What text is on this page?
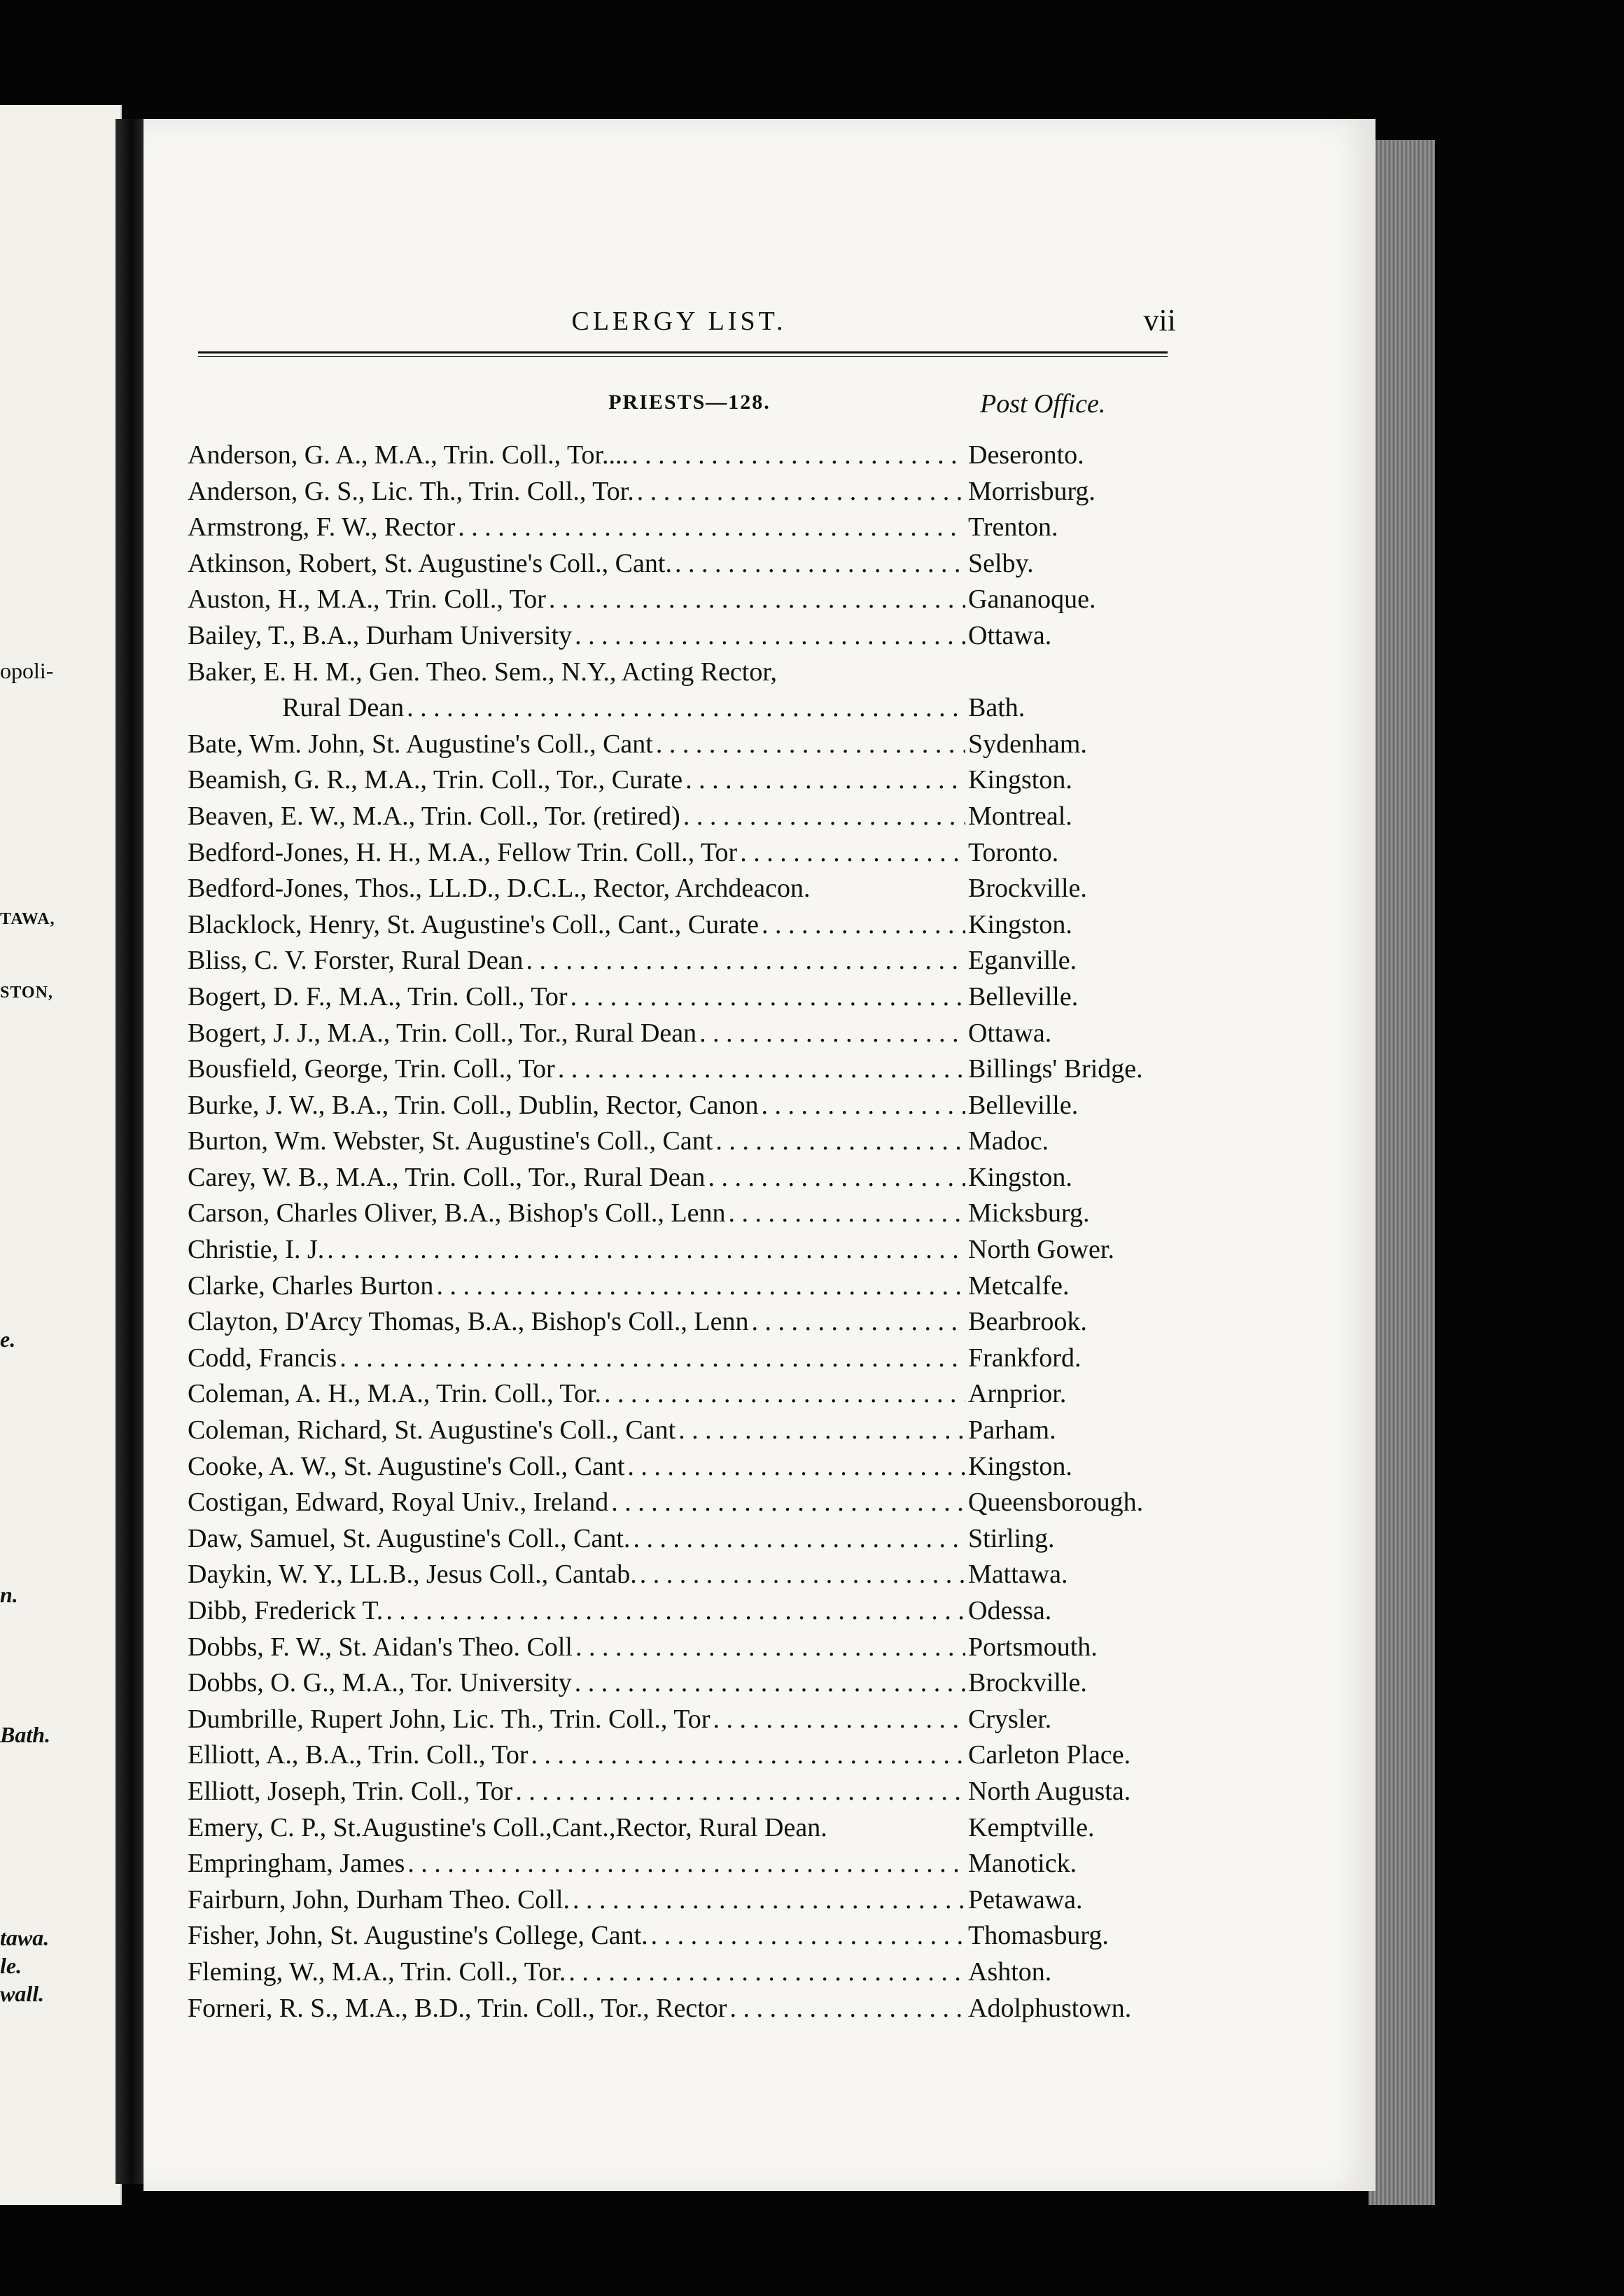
opoli-
TAWA,
STON,
e.
n.
Bath.
tawa.
le.
wall.
CLERGY LIST.	vii
PRIESTS—128.	Post Office.
Anderson, G. A., M.A., Trin. Coll., Tor.... . . .	Deseronto.
Anderson, G. S., Lic. Th., Trin. Coll., Tor. . . .	Morrisburg.
Armstrong, F. W., Rector . . .	Trenton.
Atkinson, Robert, St. Augustine's Coll., Cant. . . .	Selby.
Auston, H., M.A., Trin. Coll., Tor . . .	Gananoque.
Bailey, T., B.A., Durham University . . .	Ottawa.
Baker, E. H. M., Gen. Theo. Sem., N.Y., Acting Rector,
Rural Dean . . .	Bath.
Bate, Wm. John, St. Augustine's Coll., Cant . . .	Sydenham.
Beamish, G. R., M.A., Trin. Coll., Tor., Curate . . .	Kingston.
Beaven, E. W., M.A., Trin. Coll., Tor. (retired) . . .	Montreal.
Bedford-Jones, H. H., M.A., Fellow Trin. Coll., Tor . . .	Toronto.
Bedford-Jones, Thos., LL.D., D.C.L., Rector, Archdeacon.	Brockville.
Blacklock, Henry, St. Augustine's Coll., Cant., Curate . . .	Kingston.
Bliss, C. V. Forster, Rural Dean . . .	Eganville.
Bogert, D. F., M.A., Trin. Coll., Tor . . .	Belleville.
Bogert, J. J., M.A., Trin. Coll., Tor., Rural Dean . . .	Ottawa.
Bousfield, George, Trin. Coll., Tor . . .	Billings' Bridge.
Burke, J. W., B.A., Trin. Coll., Dublin, Rector, Canon . . .	Belleville.
Burton, Wm. Webster, St. Augustine's Coll., Cant . . .	Madoc.
Carey, W. B., M.A., Trin. Coll., Tor., Rural Dean . . .	Kingston.
Carson, Charles Oliver, B.A., Bishop's Coll., Lenn . . .	Micksburg.
Christie, I. J. . . .	North Gower.
Clarke, Charles Burton . . .	Metcalfe.
Clayton, D'Arcy Thomas, B.A., Bishop's Coll., Lenn . . .	Bearbrook.
Codd, Francis . . .	Frankford.
Coleman, A. H., M.A., Trin. Coll., Tor. . . .	Arnprior.
Coleman, Richard, St. Augustine's Coll., Cant . . .	Parham.
Cooke, A. W., St. Augustine's Coll., Cant . . .	Kingston.
Costigan, Edward, Royal Univ., Ireland . . .	Queensborough.
Daw, Samuel, St. Augustine's Coll., Cant. . . .	Stirling.
Daykin, W. Y., LL.B., Jesus Coll., Cantab. . . .	Mattawa.
Dibb, Frederick T. . . .	Odessa.
Dobbs, F. W., St. Aidan's Theo. Coll . . .	Portsmouth.
Dobbs, O. G., M.A., Tor. University . . .	Brockville.
Dumbrille, Rupert John, Lic. Th., Trin. Coll., Tor . . .	Crysler.
Elliott, A., B.A., Trin. Coll., Tor . . .	Carleton Place.
Elliott, Joseph, Trin. Coll., Tor . . .	North Augusta.
Emery, C. P., St.Augustine's Coll.,Cant.,Rector, Rural Dean.	Kemptville.
Empringham, James . . .	Manotick.
Fairburn, John, Durham Theo. Coll. . . .	Petawawa.
Fisher, John, St. Augustine's College, Cant. . . .	Thomasburg.
Fleming, W., M.A., Trin. Coll., Tor. . . .	Ashton.
Forneri, R. S., M.A., B.D., Trin. Coll., Tor., Rector . . .	Adolphustown.
